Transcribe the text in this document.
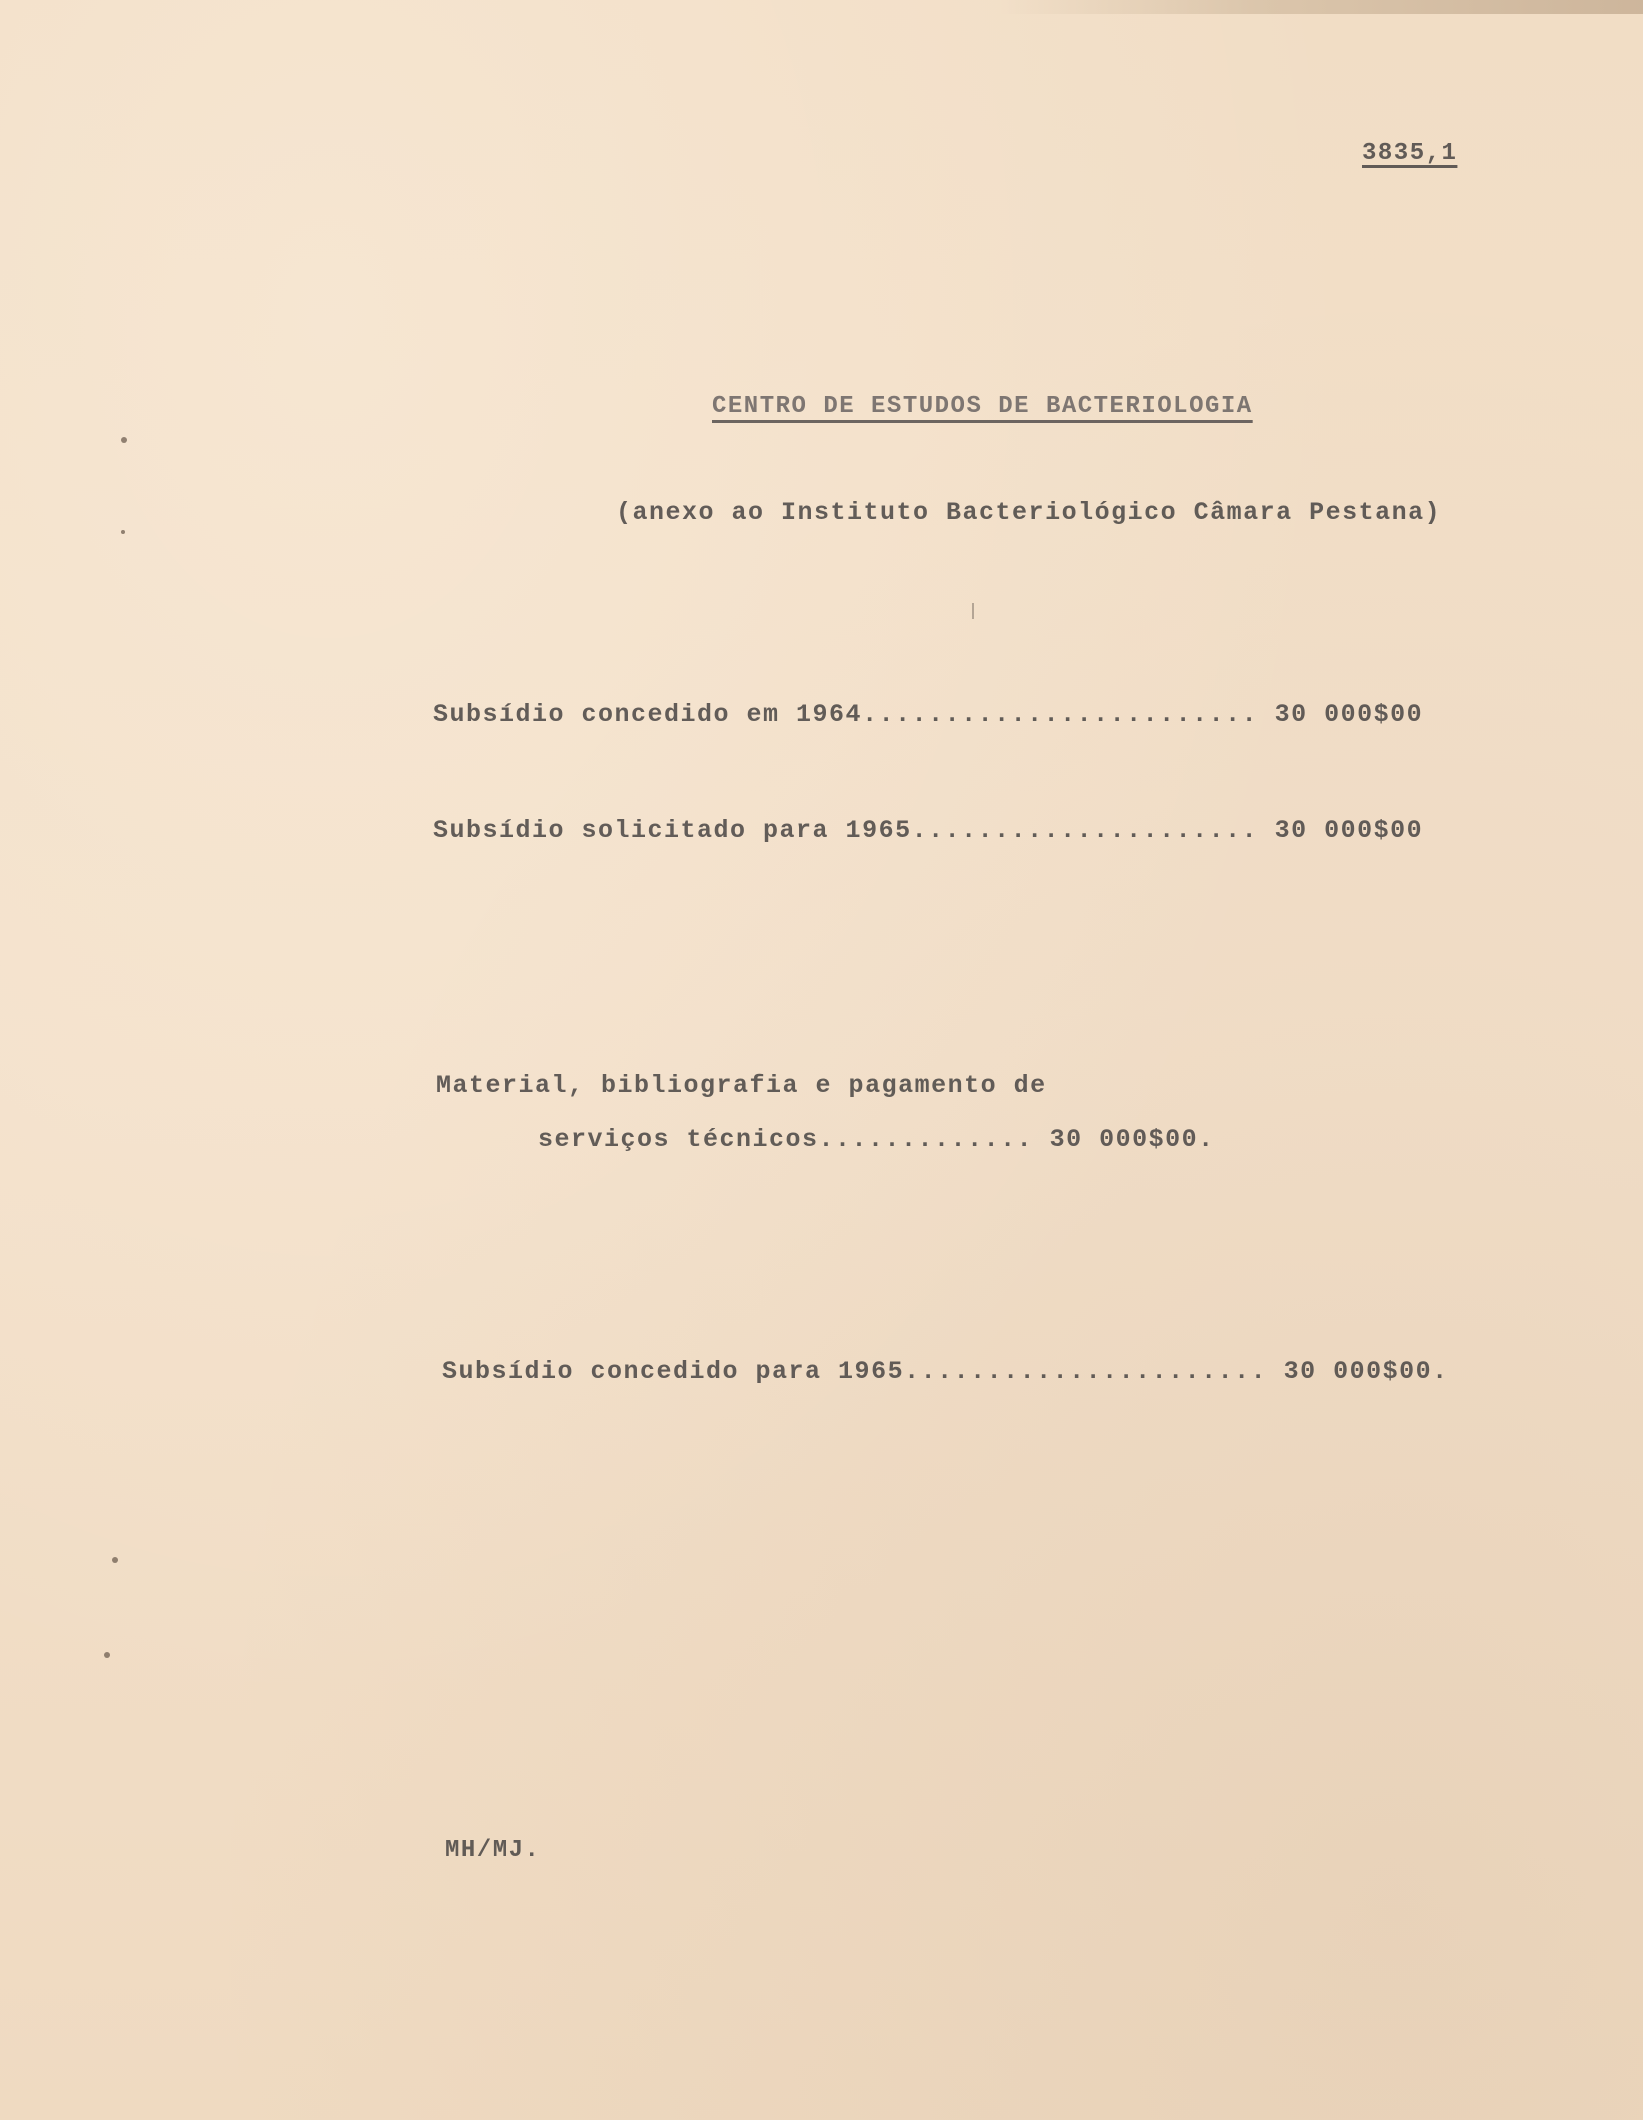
3835,1
CENTRO DE ESTUDOS DE BACTERIOLOGIA
(anexo ao Instituto Bacteriológico Câmara Pestana)
Subsídio concedido em 1964........................ 30 000$00
Subsídio solicitado para 1965..................... 30 000$00
Material, bibliografia e pagamento de
serviços técnicos............. 30 000$00.
Subsídio concedido para 1965...................... 30 000$00.
MH/MJ.
